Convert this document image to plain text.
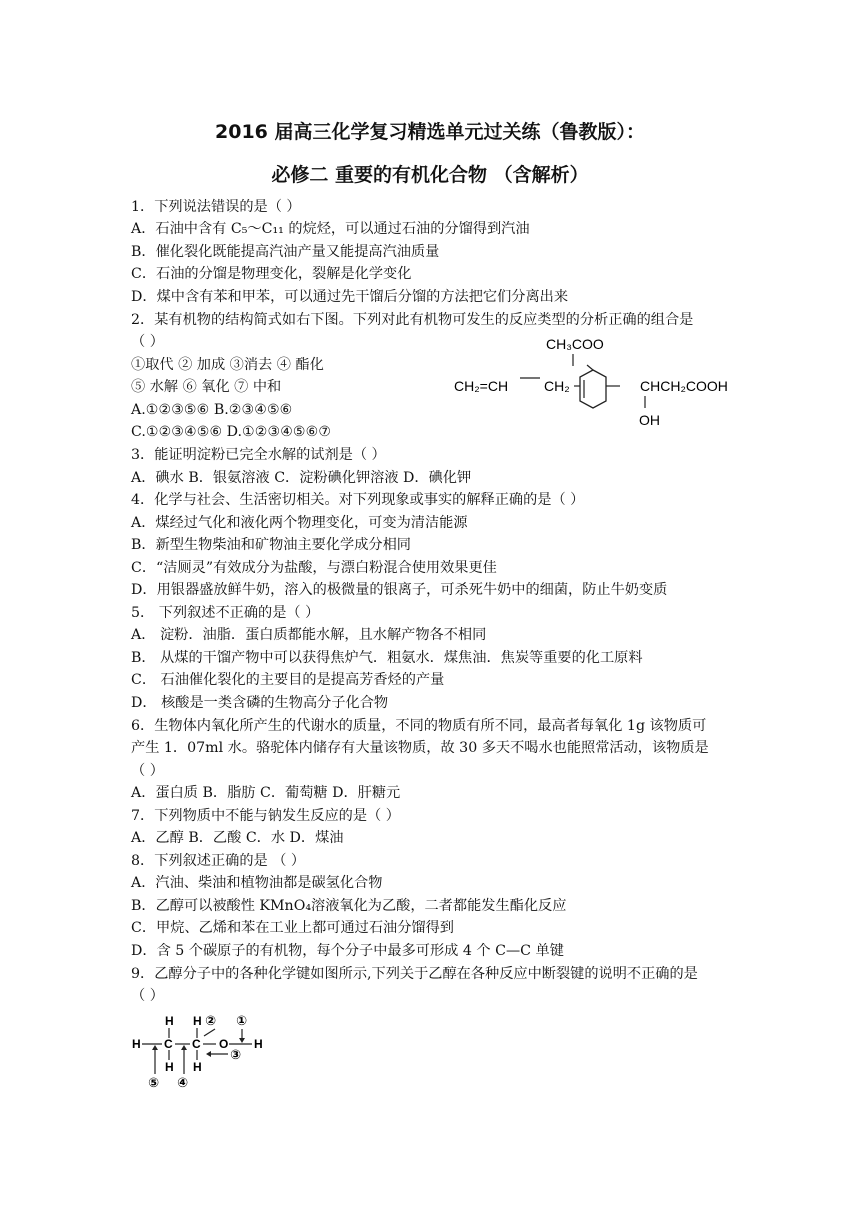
2016 届高三化学复习精选单元过关练（鲁教版）：
必修二 重要的有机化合物 （含解析）
1．下列说法错误的是（ ）
A．石油中含有 C₅～C₁₁ 的烷烃，可以通过石油的分馏得到汽油
B．催化裂化既能提高汽油产量又能提高汽油质量
C．石油的分馏是物理变化，裂解是化学变化
D．煤中含有苯和甲苯，可以通过先干馏后分馏的方法把它们分离出来
2．某有机物的结构简式如右下图。下列对此有机物可发生的反应类型的分析正确的组合是
（ ）
①取代 ② 加成 ③消去 ④ 酯化
⑤ 水解 ⑥ 氧化 ⑦ 中和
A.①②③⑤⑥ B.②③④⑤⑥
C.①②③④⑤⑥ D.①②③④⑤⑥⑦
3．能证明淀粉已完全水解的试剂是（ ）
A．碘水 B．银氨溶液 C．淀粉碘化钾溶液 D．碘化钾
4．化学与社会、生活密切相关。对下列现象或事实的解释正确的是（ ）
A．煤经过气化和液化两个物理变化，可变为清洁能源
B．新型生物柴油和矿物油主要化学成分相同
C．“洁厕灵”有效成分为盐酸，与漂白粉混合使用效果更佳
D．用银器盛放鲜牛奶，溶入的极微量的银离子，可杀死牛奶中的细菌，防止牛奶变质
5． 下列叙述不正确的是（ ）
A． 淀粉．油脂．蛋白质都能水解，且水解产物各不相同
B． 从煤的干馏产物中可以获得焦炉气．粗氨水．煤焦油．焦炭等重要的化工原料
C． 石油催化裂化的主要目的是提高芳香烃的产量
D． 核酸是一类含磷的生物高分子化合物
6．生物体内氧化所产生的代谢水的质量，不同的物质有所不同，最高者每氧化 1g 该物质可
产生 1．07ml 水。骆驼体内储存有大量该物质，故 30 多天不喝水也能照常活动，该物质是
（ ）
A．蛋白质 B．脂肪 C．葡萄糖 D．肝糖元
7．下列物质中不能与钠发生反应的是（ ）
A．乙醇 B．乙酸 C．水 D．煤油
8．下列叙述正确的是 （ ）
A．汽油、柴油和植物油都是碳氢化合物
B．乙醇可以被酸性 KMnO₄溶液氧化为乙酸，二者都能发生酯化反应
C．甲烷、乙烯和苯在工业上都可通过石油分馏得到
D．含 5 个碳原子的有机物，每个分子中最多可形成 4 个 C—C 单键
9．乙醇分子中的各种化学键如图所示,下列关于乙醇在各种反应中断裂键的说明不正确的是
（ ）
CH₃COO
CH₂=CH	CH₂	CHCH₂COOH
OH
H H ② ①
H C C O H
③
H H
⑤ ④
